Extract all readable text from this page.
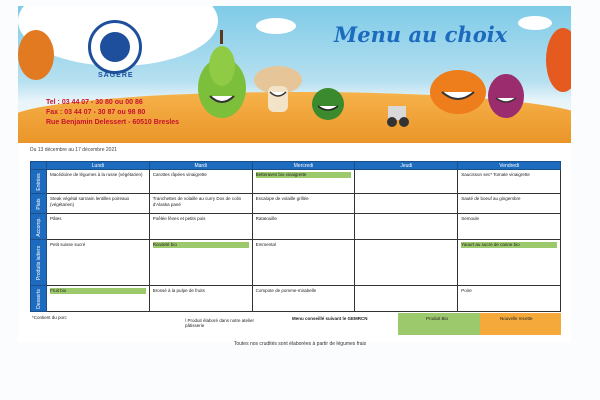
SAGERE
Menu au choix
Tel : 03 44 07 - 30 80 ou 00 86
Fax : 03 44 07 - 30 87 ou 98 80
Rue Benjamin Delessert - 60510 Bresles
Du 13 décembre au 17 décembre 2021
	Lundi	Mardi	Mercredi	Jeudi	Vendredi

Entrées	Macédoine de légumes à la russe (végétarien)	Carottes râpées vinaigrette	Betteraves bio vinaigrette		Saucisson sec* Tomate vinaigrette

Plats	Steak végétal sarrasin lentilles poireaux (végétarien)	Tranchettes de volaille au curry Dos de colin d'Alaska pané	Escalope de volaille grillée		Sauté de boeuf au gingembre

Accomp.	Pâtes	Poêlée fèves et petits pois	Ratatouille		Semoule

Produits laitiers	Petit suisse sucré	Rondelé bio	Emmental		Yaourt au sucre de canne bio

Desserts	Fruit bio	Brossé à la pulpe de fruits	Compote de pomme-mirabelle		Poire
*Contient du porc
\ Produit élaboré dans notre atelier pâtisserie
Menu conseillé suivant le GEMRCN	Produit Bio	Nouvelle recette
Toutes nos crudités sont élaborées à partir de légumes frais
